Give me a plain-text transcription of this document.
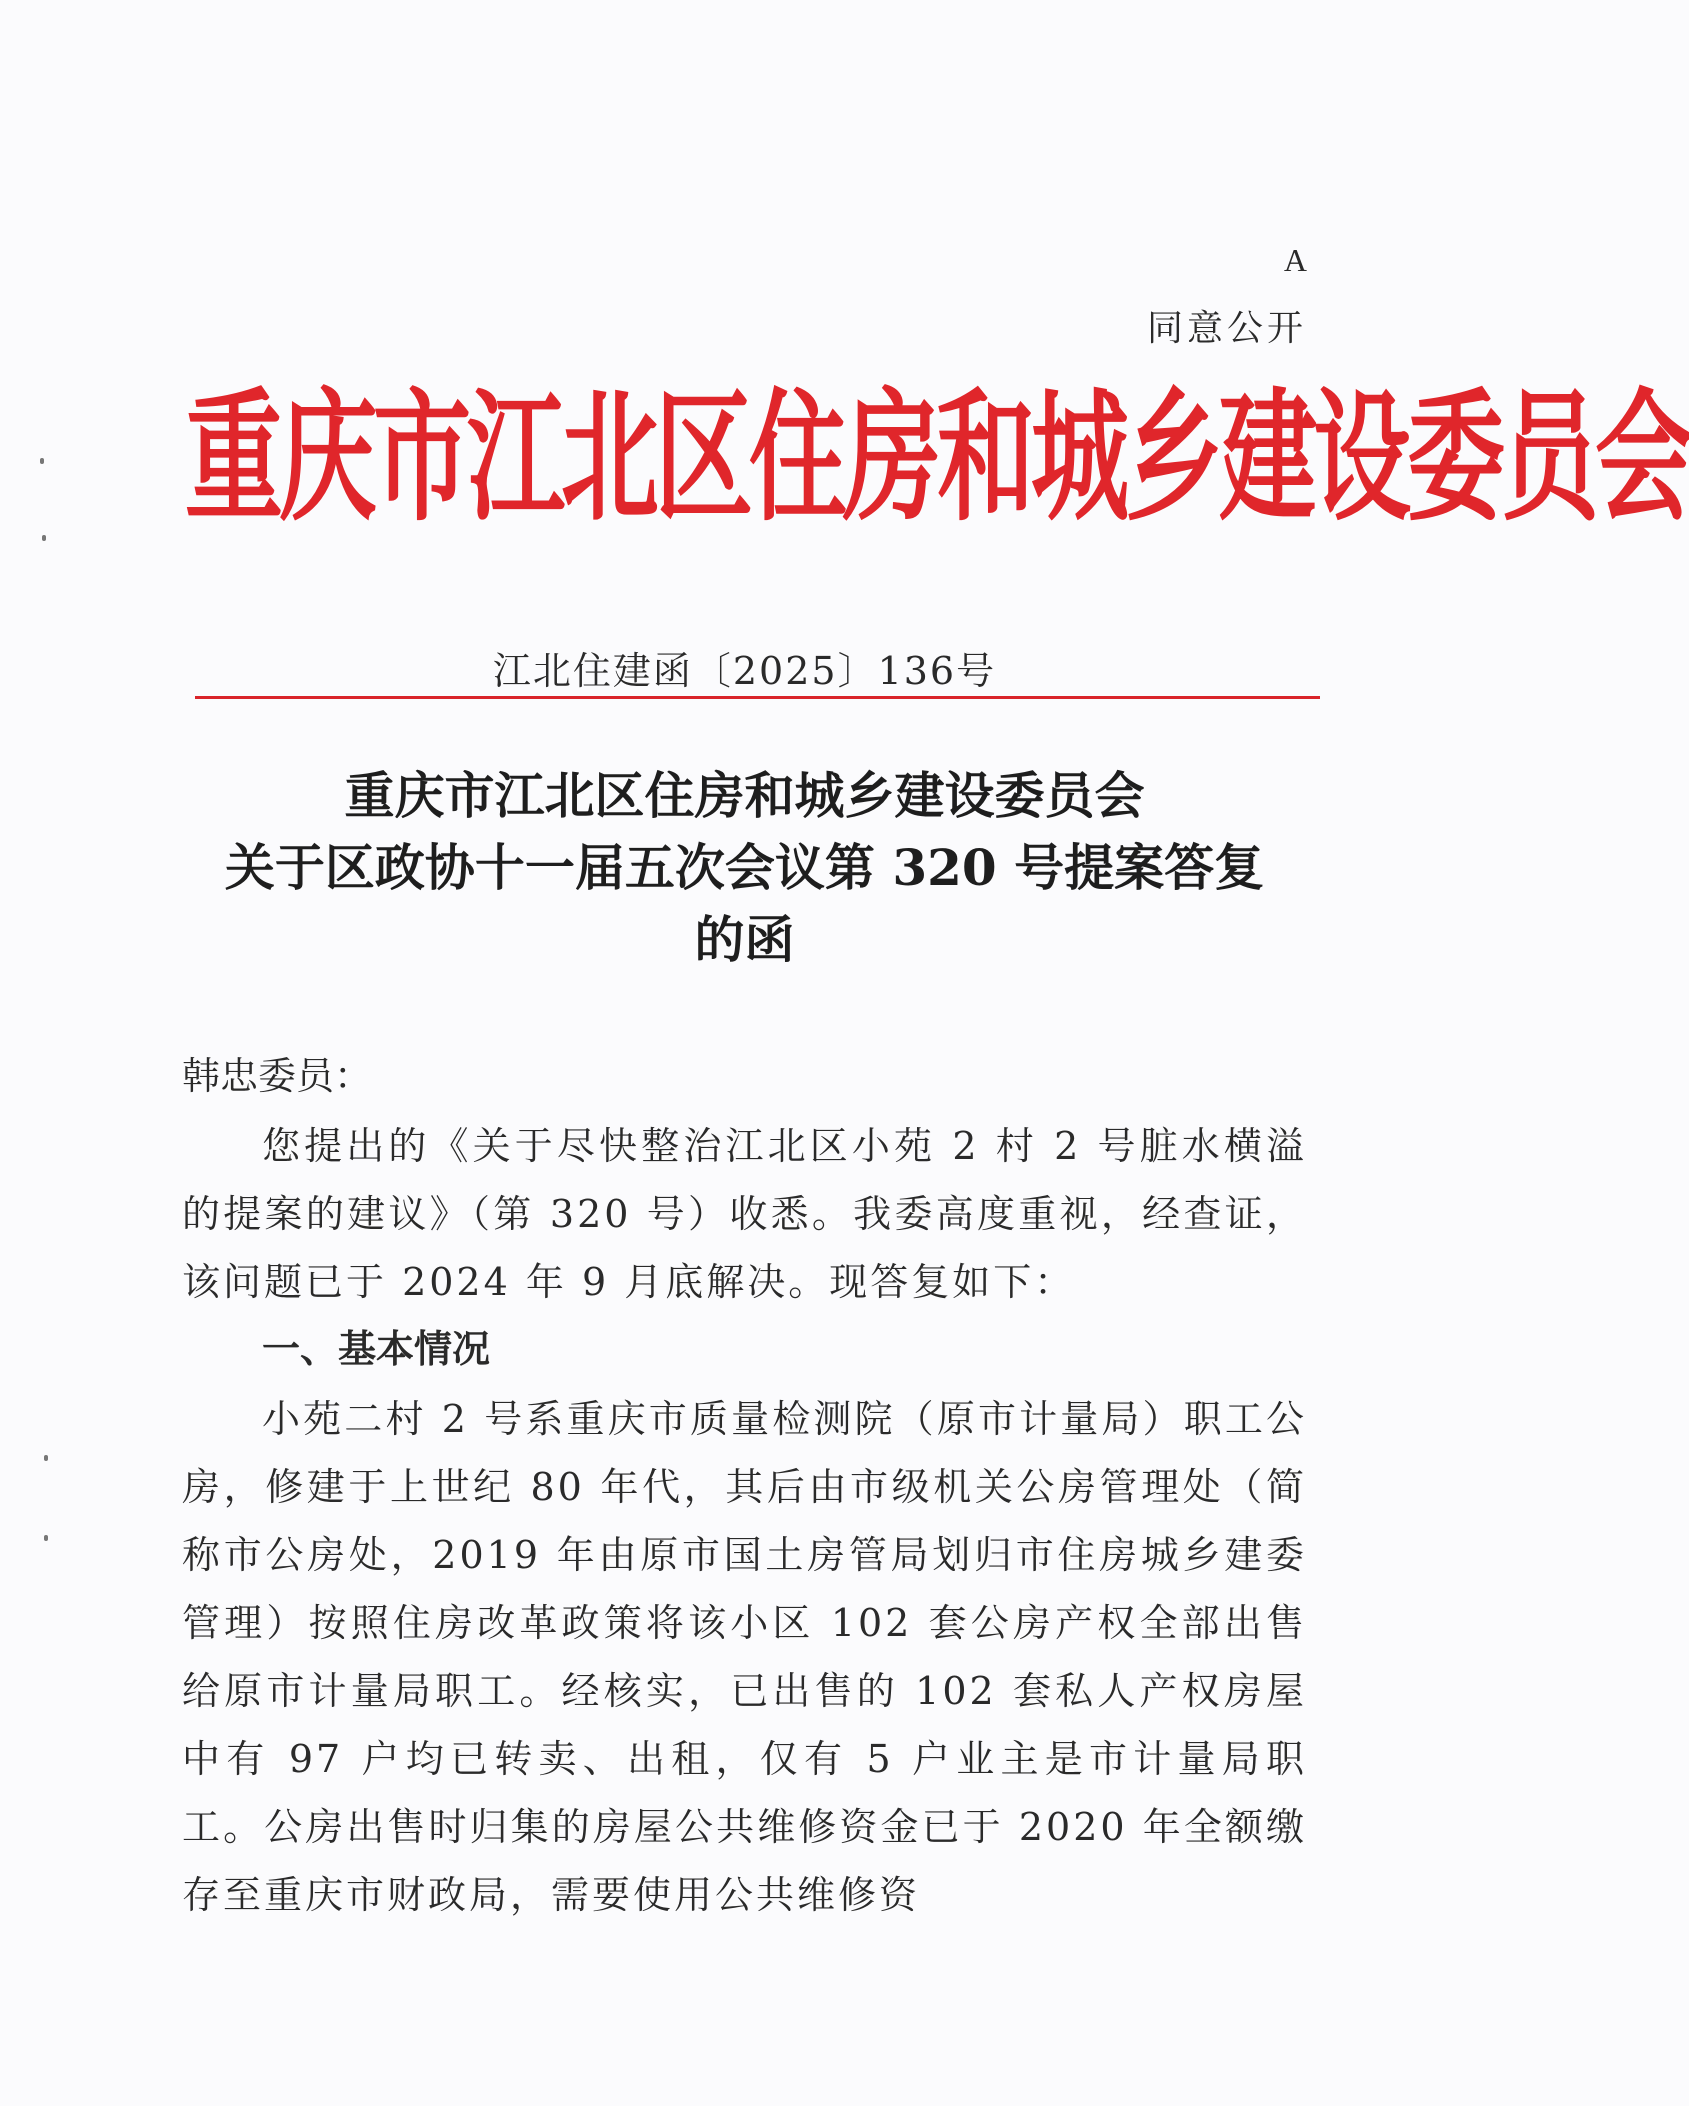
A
同意公开
重庆市江北区住房和城乡建设委员会
江北住建函〔2025〕136号
重庆市江北区住房和城乡建设委员会
关于区政协十一届五次会议第 320 号提案答复
的函
韩忠委员：
您提出的《关于尽快整治江北区小苑 2 村 2 号脏水横溢的提案的建议》（第 320 号）收悉。我委高度重视，经查证，该问题已于 2024 年 9 月底解决。现答复如下：
一、基本情况
小苑二村 2 号系重庆市质量检测院（原市计量局）职工公房，修建于上世纪 80 年代，其后由市级机关公房管理处（简称市公房处，2019 年由原市国土房管局划归市住房城乡建委管理）按照住房改革政策将该小区 102 套公房产权全部出售给原市计量局职工。经核实，已出售的 102 套私人产权房屋中有 97 户均已转卖、出租，仅有 5 户业主是市计量局职工。公房出售时归集的房屋公共维修资金已于 2020 年全额缴存至重庆市财政局，需要使用公共维修资
